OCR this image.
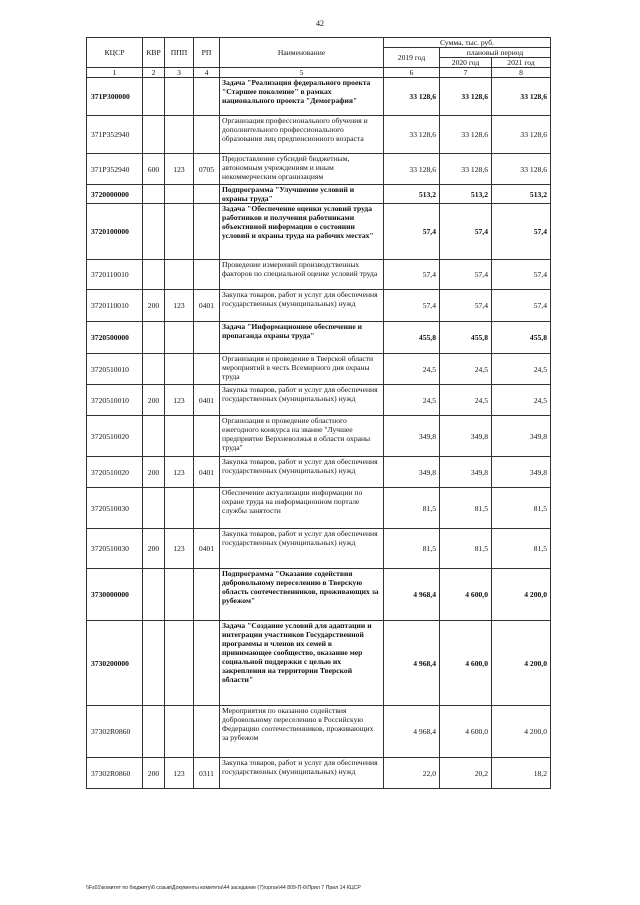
42
КЦСР	КВР	ППП	РП	Наименование	Сумма, тыс. руб.		
					2019 год	плановый период	
						2020 год	2021 год
1	2	3	4	5	6	7	8
371P300000				Задача "Реализация федерального проекта "Старшее поколение" в рамках национального проекта "Демография"	33 128,6	33 128,6	33 128,6
371P352940				Организация профессионального обучения и дополнительного профессионального образования лиц предпенсионного возраста	33 128,6	33 128,6	33 128,6
371P352940	600	123	0705	Предоставление субсидий бюджетным, автономным учреждениям и иным некоммерческим организациям	33 128,6	33 128,6	33 128,6
3720000000				Подпрограмма "Улучшение условий и охраны труда"	513,2	513,2	513,2
3720100000				Задача "Обеспечение оценки условий труда работников и получения работниками объективной информации о состоянии условий и охраны труда на рабочих местах"	57,4	57,4	57,4
3720110010				Проведение измерений производственных факторов по специальной оценке условий труда	57,4	57,4	57,4
3720110010	200	123	0401	Закупка товаров, работ и услуг для обеспечения государственных (муниципальных) нужд	57,4	57,4	57,4
3720500000				Задача "Информационное обеспечение и пропаганда охраны труда"	455,8	455,8	455,8
3720510010				Организация и проведение в Тверской области мероприятий в честь Всемирного дня охраны труда	24,5	24,5	24,5
3720510010	200	123	0401	Закупка товаров, работ и услуг для обеспечения государственных (муниципальных) нужд	24,5	24,5	24,5
3720510020				Организация и проведение областного ежегодного конкурса на звание "Лучшее предприятие Верхневолжья в области охраны труда"	349,8	349,8	349,8
3720510020	200	123	0401	Закупка товаров, работ и услуг для обеспечения государственных (муниципальных) нужд	349,8	349,8	349,8
3720510030				Обеспечение актуализации информации по охране труда на информационном портале службы занятости	81,5	81,5	81,5
3720510030	200	123	0401	Закупка товаров, работ и услуг для обеспечения государственных (муниципальных) нужд	81,5	81,5	81,5
3730000000				Подпрограмма "Оказание содействия добровольному переселению в Тверскую область соотечественников, проживающих за рубежом"	4 968,4	4 600,0	4 200,0
3730200000				Задача "Создание условий для адаптации и интеграции участников Государственной программы и членов их семей в принимающее сообщество, оказание мер социальной поддержки с целью их закрепления на территории Тверской области"	4 968,4	4 600,0	4 200,0
37302R0860				Мероприятия по оказанию содействия добровольному переселению в Российскую Федерацию соотечественников, проживающих за рубежом	4 968,4	4 600,0	4 200,0
37302R0860	200	123	0311	Закупка товаров, работ и услуг для обеспечения государственных (муниципальных) нужд	22,0	20,2	18,2
\\Fs01\комитет по бюджету\6 созыв\Документы комитета\44 заседание (7)\орган\44 809-П-6\Прил 7 Прил 14 КЦСР
